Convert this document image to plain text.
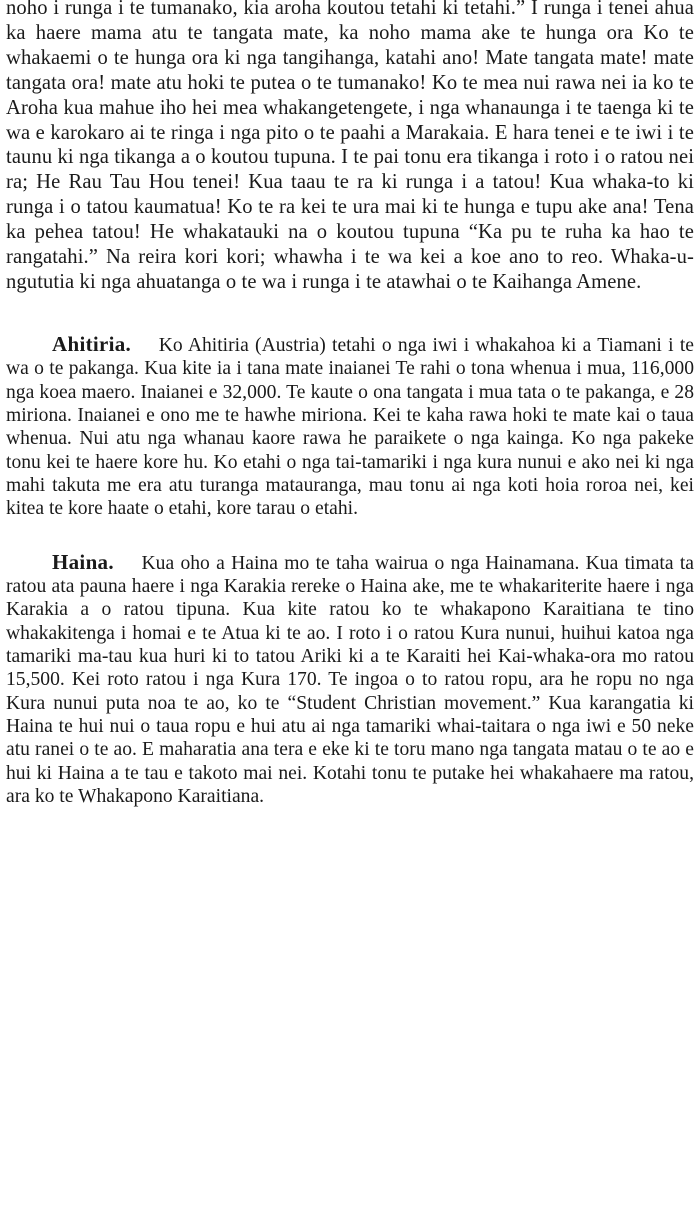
noho i runga i te tumanako, kia aroha koutou tetahi ki tetahi.” I runga i tenei ahua ka haere mama atu te tangata mate, ka noho mama ake te hunga ora Ko te whakaemi o te hunga ora ki nga tangihanga, katahi ano! Mate tangata mate! mate tangata ora! mate atu hoki te putea o te tumanako! Ko te mea nui rawa nei ia ko te Aroha kua mahue iho hei mea whakangetengete, i nga whanaunga i te taenga ki te wa e karokaro ai te ringa i nga pito o te paahi a Marakaia. E hara tenei e te iwi i te taunu ki nga tikanga a o koutou tupuna. I te pai tonu era tikanga i roto i o ratou nei ra; He Rau Tau Hou tenei! Kua taau te ra ki runga i a tatou! Kua whaka-to ki runga i o tatou kaumatua! Ko te ra kei te ura mai ki te hunga e tupu ake ana! Tena ka pehea tatou! He whakatauki na o koutou tupuna “Ka pu te ruha ka hao te rangatahi.” Na reira kori kori; whawha i te wa kei a koe ano to reo. Whaka-u-ngututia ki nga ahuatanga o te wa i runga i te atawhai o te Kaihanga Amene.

Ahitiria.  Ko Ahitiria (Austria) tetahi o nga iwi i whakahoa ki a Tiamani i te wa o te pakanga. Kua kite ia i tana mate inaianei Te rahi o tona whenua i mua, 116,000 nga koea maero. Inaianei e 32,000. Te kaute o ona tangata i mua tata o te pakanga, e 28 miriona. Inaianei e ono me te hawhe miriona. Kei te kaha rawa hoki te mate kai o taua whenua. Nui atu nga whanau kaore rawa he paraikete o nga kainga. Ko nga pakeke tonu kei te haere kore hu. Ko etahi o nga tai-tamariki i nga kura nunui e ako nei ki nga mahi takuta me era atu turanga matauranga, mau tonu ai nga koti hoia roroa nei, kei kitea te kore haate o etahi, kore tarau o etahi.

Haina.  Kua oho a Haina mo te taha wairua o nga Hainamana. Kua timata ta ratou ata pauna haere i nga Karakia rereke o Haina ake, me te whakariterite haere i nga Karakia a o ratou tipuna. Kua kite ratou ko te whakapono Karaitiana te tino whakakitenga i homai e te Atua ki te ao. I roto i o ratou Kura nunui, huihui katoa nga tamariki ma-tau kua huri ki to tatou Ariki ki a te Karaiti hei Kai-whaka-ora mo ratou 15,500. Kei roto ratou i nga Kura 170. Te ingoa o to ratou ropu, ara he ropu no nga Kura nunui puta noa te ao, ko te “Student Christian movement.” Kua karangatia ki Haina te hui nui o taua ropu e hui atu ai nga tamariki whai-taitara o nga iwi e 50 neke atu ranei o te ao. E maharatia ana tera e eke ki te toru mano nga tangata matau o te ao e hui ki Haina a te tau e takoto mai nei. Kotahi tonu te putake hei whakahaere ma ratou, ara ko te Whakapono Karaitiana.
